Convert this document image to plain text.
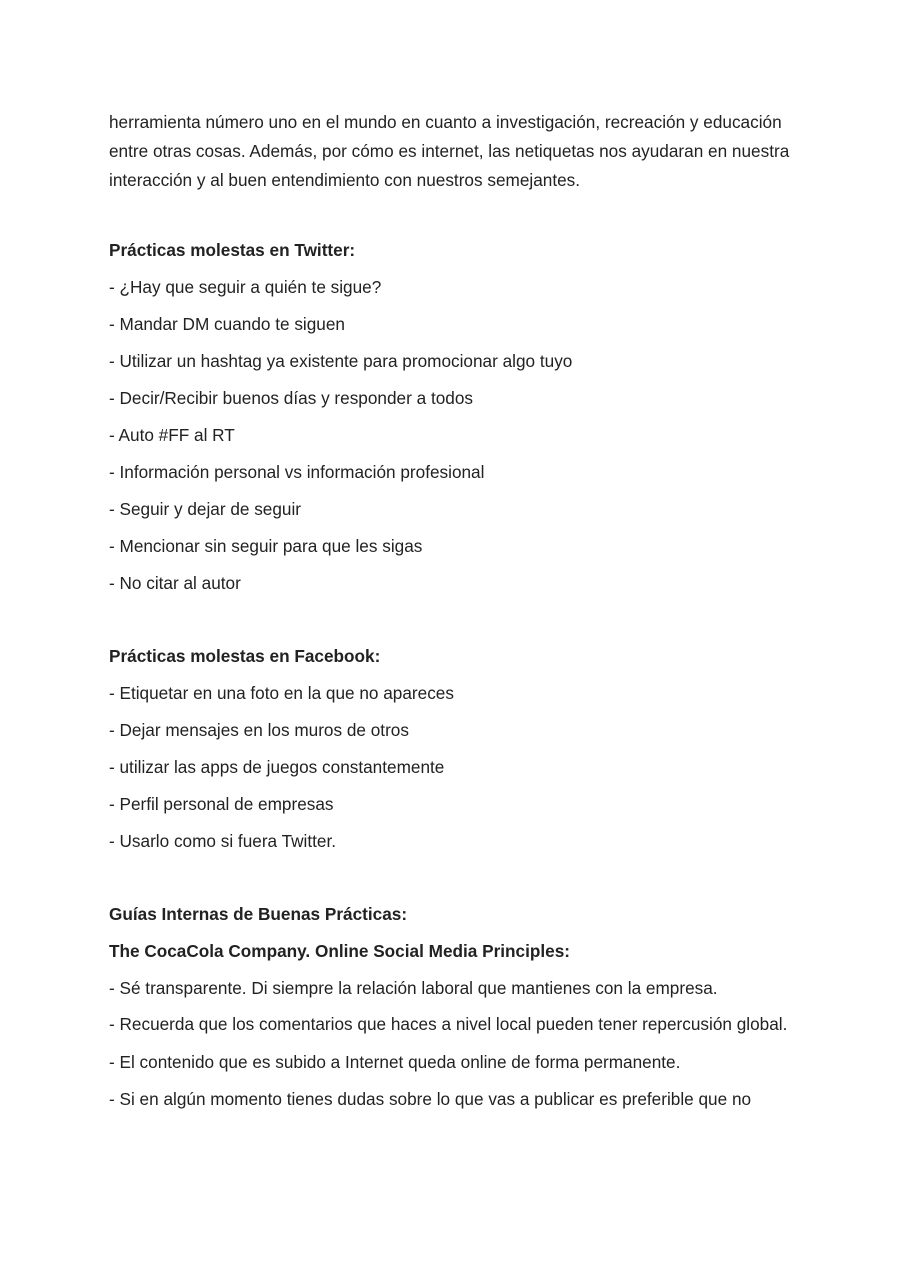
herramienta número uno en el mundo en cuanto a investigación, recreación y educación entre otras cosas. Además, por cómo es internet, las netiquetas nos ayudaran en nuestra interacción y al buen entendimiento con nuestros semejantes.

Prácticas molestas en Twitter:

- ¿Hay que seguir a quién te sigue?

- Mandar DM cuando te siguen

- Utilizar un hashtag ya existente para promocionar algo tuyo

- Decir/Recibir buenos días y responder a todos

- Auto #FF al RT

- Información personal vs información profesional

- Seguir y dejar de seguir

- Mencionar sin seguir para que les sigas

- No citar al autor

Prácticas molestas en Facebook:

- Etiquetar en una foto en la que no apareces

- Dejar mensajes en los muros de otros

- utilizar las apps de juegos constantemente

- Perfil personal de empresas

- Usarlo como si fuera Twitter.

Guías Internas de Buenas Prácticas:

The CocaCola Company. Online Social Media Principles:

- Sé transparente. Di siempre la relación laboral que mantienes con la empresa.

- Recuerda que los comentarios que haces a nivel local pueden tener repercusión global.

- El contenido que es subido a Internet queda online de forma permanente.

- Si en algún momento tienes dudas sobre lo que vas a publicar es preferible que no
